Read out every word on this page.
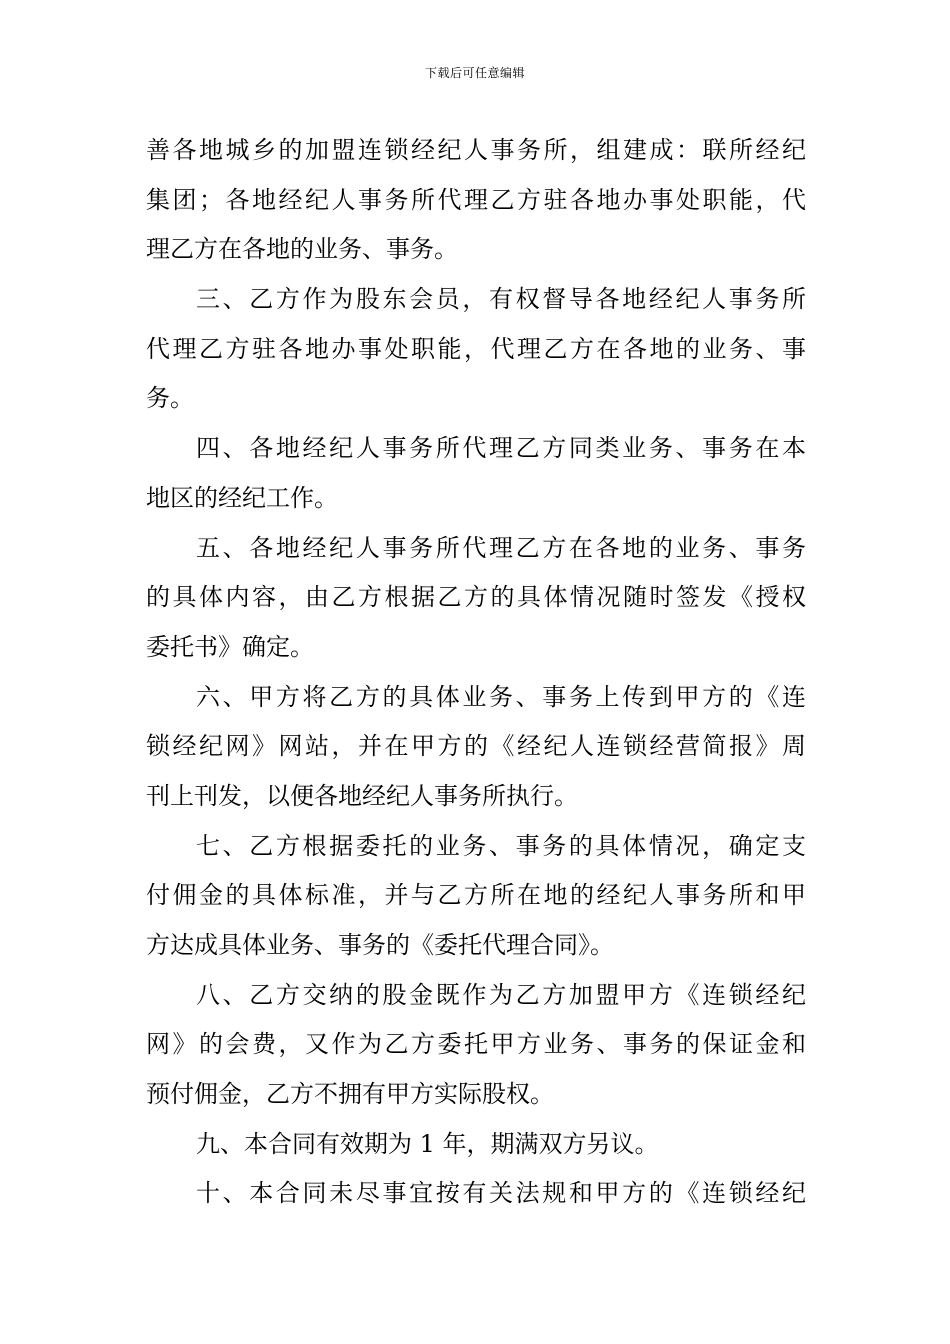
下载后可任意编辑
善各地城乡的加盟连锁经纪人事务所，组建成：联所经纪
集团；各地经纪人事务所代理乙方驻各地办事处职能，代
理乙方在各地的业务、事务。
三、乙方作为股东会员，有权督导各地经纪人事务所
代理乙方驻各地办事处职能，代理乙方在各地的业务、事
务。
四、各地经纪人事务所代理乙方同类业务、事务在本
地区的经纪工作。
五、各地经纪人事务所代理乙方在各地的业务、事务
的具体内容，由乙方根据乙方的具体情况随时签发《授权
委托书》确定。
六、甲方将乙方的具体业务、事务上传到甲方的《连
锁经纪网》网站，并在甲方的《经纪人连锁经营简报》周
刊上刊发，以便各地经纪人事务所执行。
七、乙方根据委托的业务、事务的具体情况，确定支
付佣金的具体标准，并与乙方所在地的经纪人事务所和甲
方达成具体业务、事务的《委托代理合同》。
八、乙方交纳的股金既作为乙方加盟甲方《连锁经纪
网》的会费，又作为乙方委托甲方业务、事务的保证金和
预付佣金，乙方不拥有甲方实际股权。
九、本合同有效期为 1 年，期满双方另议。
十、本合同未尽事宜按有关法规和甲方的《连锁经纪
